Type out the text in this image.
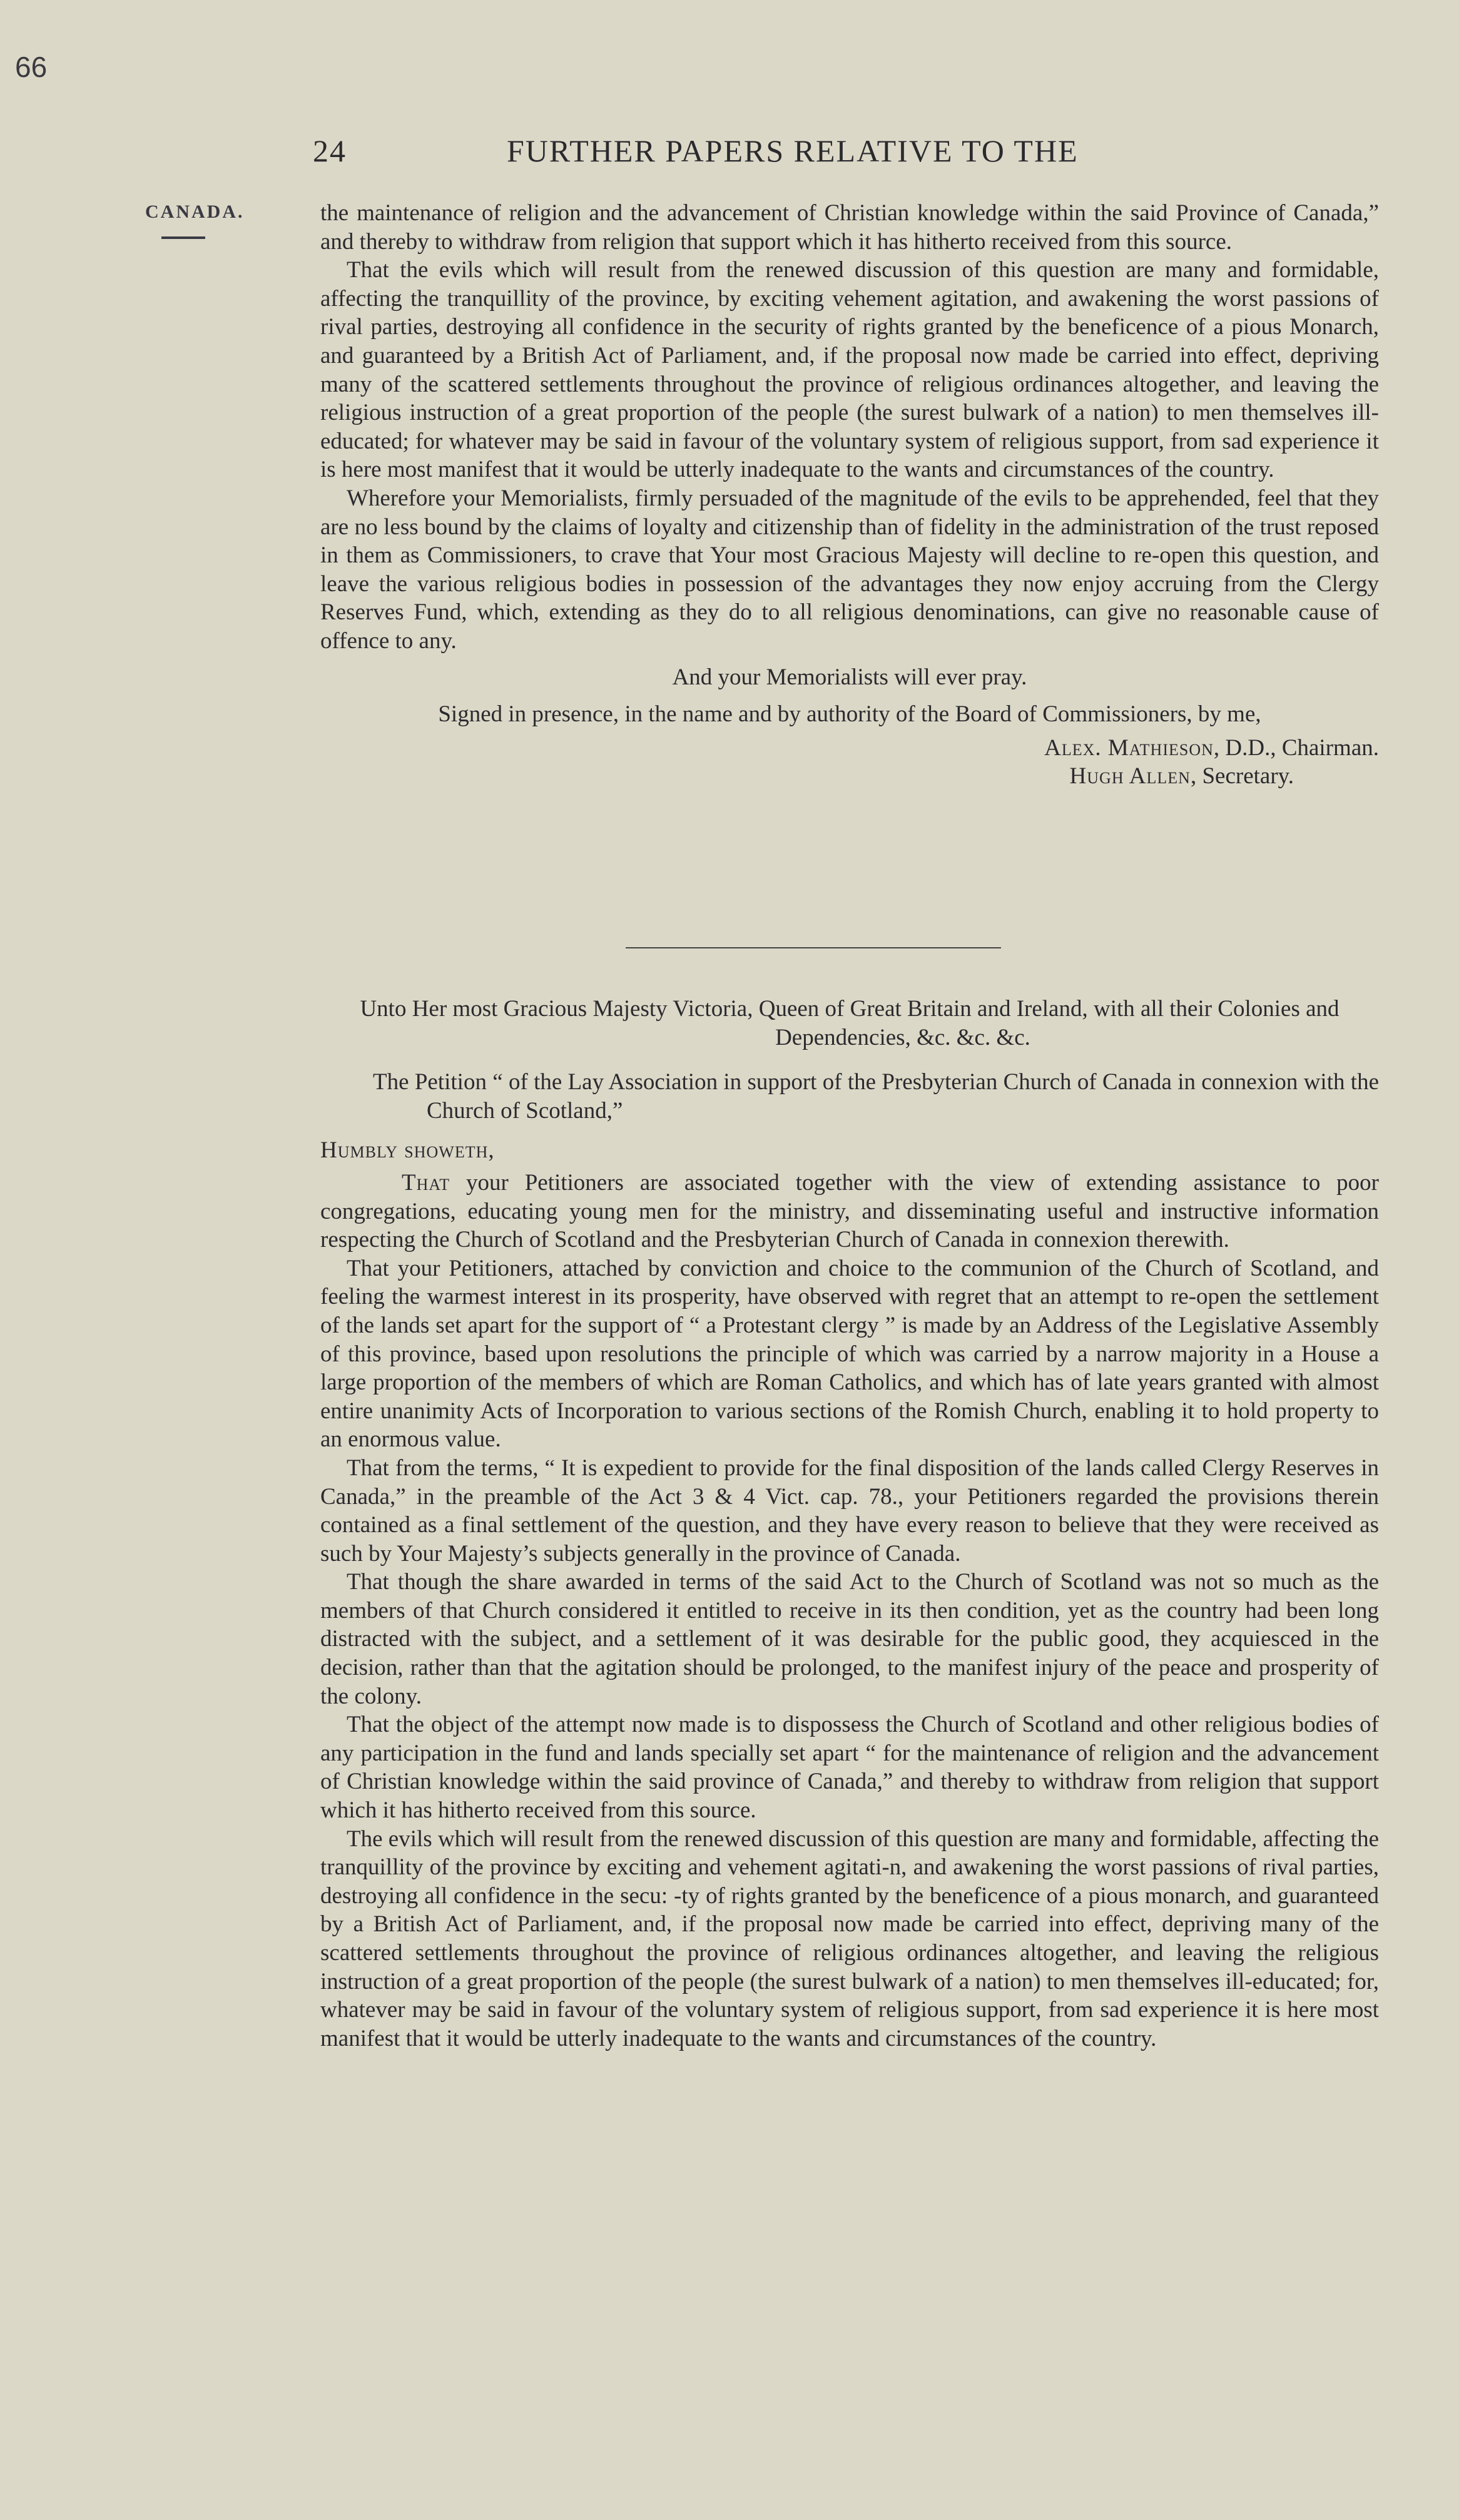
66
24	FURTHER PAPERS RELATIVE TO THE
CANADA.	the maintenance of religion and the advancement of Christian knowledge within the said Province of Canada,” and thereby to withdraw from religion that support which it has hitherto received from this source.

That the evils which will result from the renewed discussion of this question are many and formidable, affecting the tranquillity of the province, by exciting vehement agitation, and awakening the worst passions of rival parties, destroying all confidence in the security of rights granted by the beneficence of a pious Monarch, and guaranteed by a British Act of Parliament, and, if the proposal now made be carried into effect, depriving many of the scattered settlements throughout the province of religious ordinances altogether, and leaving the religious instruction of a great proportion of the people (the surest bulwark of a nation) to men themselves ill-educated; for whatever may be said in favour of the voluntary system of religious support, from sad experience it is here most manifest that it would be utterly inadequate to the wants and circumstances of the country.

Wherefore your Memorialists, firmly persuaded of the magnitude of the evils to be apprehended, feel that they are no less bound by the claims of loyalty and citizenship than of fidelity in the administration of the trust reposed in them as Commissioners, to crave that Your most Gracious Majesty will decline to re-open this question, and leave the various religious bodies in possession of the advantages they now enjoy accruing from the Clergy Reserves Fund, which, extending as they do to all religious denominations, can give no reasonable cause of offence to any.

And your Memorialists will ever pray.

Signed in presence, in the name and by authority of the Board of Commissioners, by me,

Alex. Mathieson, D.D., Chairman.

Hugh Allen, Secretary.

Unto Her most Gracious Majesty Victoria, Queen of Great Britain and Ireland, with all their Colonies and Dependencies, &c. &c. &c.

The Petition “ of the Lay Association in support of the Presbyterian Church of Canada in connexion with the Church of Scotland,”

Humbly showeth,

That your Petitioners are associated together with the view of extending assistance to poor congregations, educating young men for the ministry, and disseminating useful and instructive information respecting the Church of Scotland and the Presbyterian Church of Canada in connexion therewith.

That your Petitioners, attached by conviction and choice to the communion of the Church of Scotland, and feeling the warmest interest in its prosperity, have observed with regret that an attempt to re-open the settlement of the lands set apart for the support of “ a Protestant clergy ” is made by an Address of the Legislative Assembly of this province, based upon resolutions the principle of which was carried by a narrow majority in a House a large proportion of the members of which are Roman Catholics, and which has of late years granted with almost entire unanimity Acts of Incorporation to various sections of the Romish Church, enabling it to hold property to an enormous value.

That from the terms, “ It is expedient to provide for the final disposition of the lands called Clergy Reserves in Canada,” in the preamble of the Act 3 & 4 Vict. cap. 78., your Petitioners regarded the provisions therein contained as a final settlement of the question, and they have every reason to believe that they were received as such by Your Majesty’s subjects generally in the province of Canada.

That though the share awarded in terms of the said Act to the Church of Scotland was not so much as the members of that Church considered it entitled to receive in its then condition, yet as the country had been long distracted with the subject, and a settlement of it was desirable for the public good, they acquiesced in the decision, rather than that the agitation should be prolonged, to the manifest injury of the peace and prosperity of the colony.

That the object of the attempt now made is to dispossess the Church of Scotland and other religious bodies of any participation in the fund and lands specially set apart “ for the maintenance of religion and the advancement of Christian knowledge within the said province of Canada,” and thereby to withdraw from religion that support which it has hitherto received from this source.

The evils which will result from the renewed discussion of this question are many and formidable, affecting the tranquillity of the province by exciting and vehement agitati‑n, and awakening the worst passions of rival parties, destroying all confidence in the secu: ‑ty of rights granted by the beneficence of a pious monarch, and guaranteed by a British Act of Parliament, and, if the proposal now made be carried into effect, depriving many of the scattered settlements throughout the province of religious ordinances altogether, and leaving the religious instruction of a great proportion of the people (the surest bulwark of a nation) to men themselves ill-educated; for, whatever may be said in favour of the voluntary system of religious support, from sad experience it is here most manifest that it would be utterly inadequate to the wants and circumstances of the country.
